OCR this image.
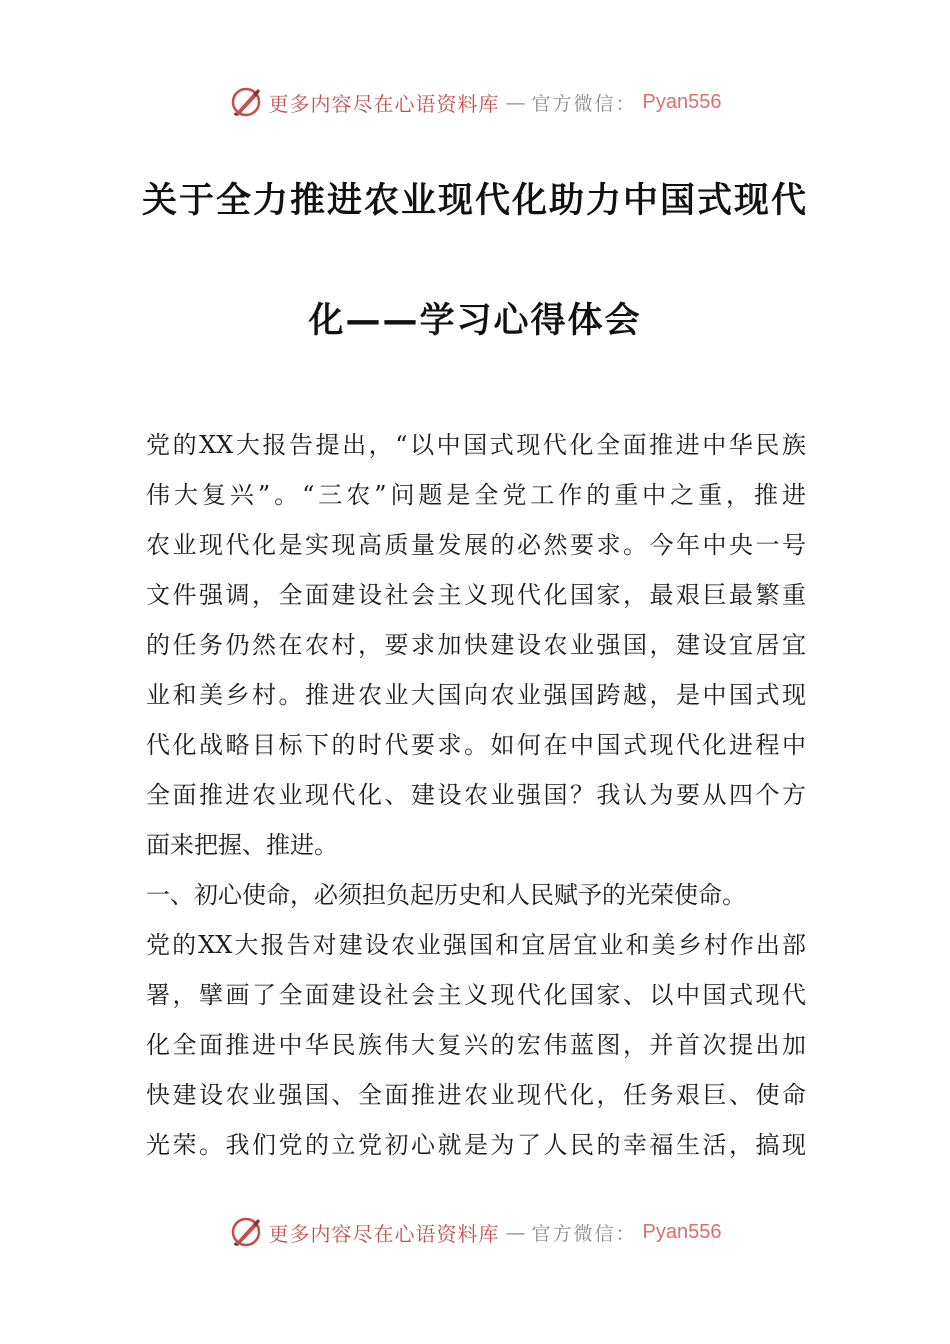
更多内容尽在心语资料库 — 官方微信： Pyan556
关于全力推进农业现代化助力中国式现代
化——学习心得体会
党的XX大报告提出，“以中国式现代化全面推进中华民族
伟大复兴”。“三农”问题是全党工作的重中之重，推进
农业现代化是实现高质量发展的必然要求。今年中央一号
文件强调，全面建设社会主义现代化国家，最艰巨最繁重
的任务仍然在农村，要求加快建设农业强国，建设宜居宜
业和美乡村。推进农业大国向农业强国跨越，是中国式现
代化战略目标下的时代要求。如何在中国式现代化进程中
全面推进农业现代化、建设农业强国？我认为要从四个方
面来把握、推进。
一、初心使命，必须担负起历史和人民赋予的光荣使命。
党的XX大报告对建设农业强国和宜居宜业和美乡村作出部
署，擘画了全面建设社会主义现代化国家、以中国式现代
化全面推进中华民族伟大复兴的宏伟蓝图，并首次提出加
快建设农业强国、全面推进农业现代化，任务艰巨、使命
光荣。我们党的立党初心就是为了人民的幸福生活，搞现
更多内容尽在心语资料库 — 官方微信： Pyan556
